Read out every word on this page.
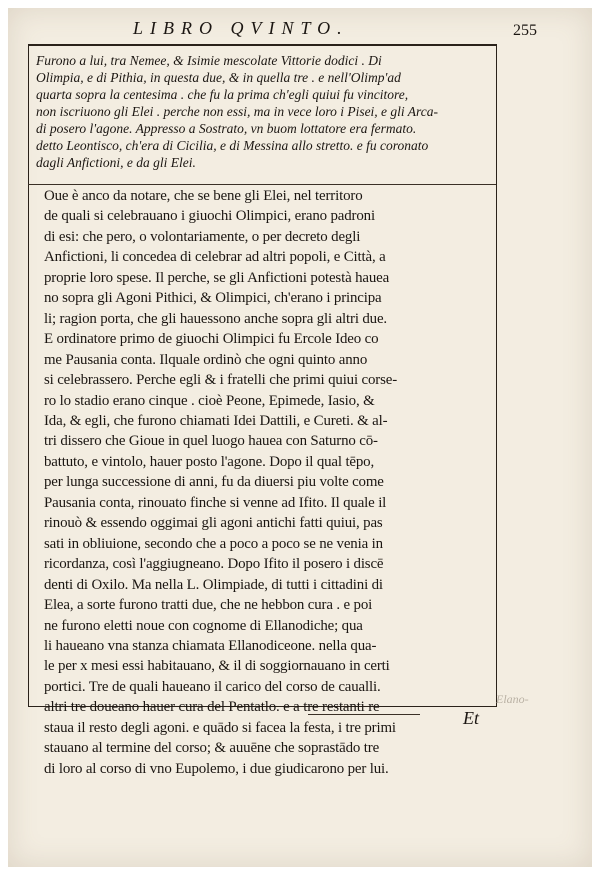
LIBRO QVINTO.	255
Furono a lui, tra Nemee, & Isimie mescolate Vittorie dodici . Di
Olimpia, e di Pithia, in questa due, & in quella tre . e nell'Olimp'ad
quarta sopra la centesima . che fu la prima ch'egli quiui fu vincitore,
non iscriuono gli Elei . perche non essi, ma in vece loro i Pisei, e gli Arca-
di posero l'agone. Appresso a Sostrato, vn buom lottatore era fermato.
detto Leontisco, ch'era di Cicilia, e di Messina allo stretto. e fu coronato
dagli Anfictioni, e da gli Elei.
Oue è anco da notare, che se bene gli Elei, nel territoro
de quali si celebrauano i giuochi Olimpici, erano padroni
di esi: che pero, o volontariamente, o per decreto degli
Anfictioni, li concedea di celebrar ad altri popoli, e Città, a
proprie loro spese. Il perche, se gli Anfictioni potestà hauea
no sopra gli Agoni Pithici, & Olimpici, ch'erano i principa
li; ragion porta, che gli hauessono anche sopra gli altri due.
E ordinatore primo de giuochi Olimpici fu Ercole Ideo co
me Pausania conta. Ilquale ordinò che ogni quinto anno
si celebrassero. Perche egli & i fratelli che primi quiui corse-
ro lo stadio erano cinque . cioè Peone, Epimede, Iasio, &
Ida, & egli, che furono chiamati Idei Dattili, e Cureti. & al-
tri dissero che Gioue in quel luogo hauea con Saturno cō-
battuto, e vintolo, hauer posto l'agone. Dopo il qual tēpo,
per lunga successione di anni, fu da diuersi piu volte come
Pausania conta, rinouato finche si venne ad Ifito. Il quale il
rinouò & essendo oggimai gli agoni antichi fatti quiui, pas
sati in obliuione, secondo che a poco a poco se ne venia in
ricordanza, così l'aggiugneano. Dopo Ifito il posero i discē
denti di Oxilo. Ma nella L. Olimpiade, di tutti i cittadini di
Elea, a sorte furono tratti due, che ne hebbon cura . e poi
ne furono eletti noue con cognome di Ellanodiche; qua
li haueano vna stanza chiamata Ellanodiceone. nella qua-
le per x mesi essi habitauano, & il di soggiornauano in certi
portici. Tre de quali haueano il carico del corso de caualli.
altri tre doueano hauer cura del Pentatlo. e a tre restanti re
staua il resto degli agoni. e quādo si facea la festa, i tre primi
stauano al termine del corso; & auuēne che soprastādo tre
di loro al corso di vno Eupolemo, i due giudicarono per lui.
Elano-
Et
